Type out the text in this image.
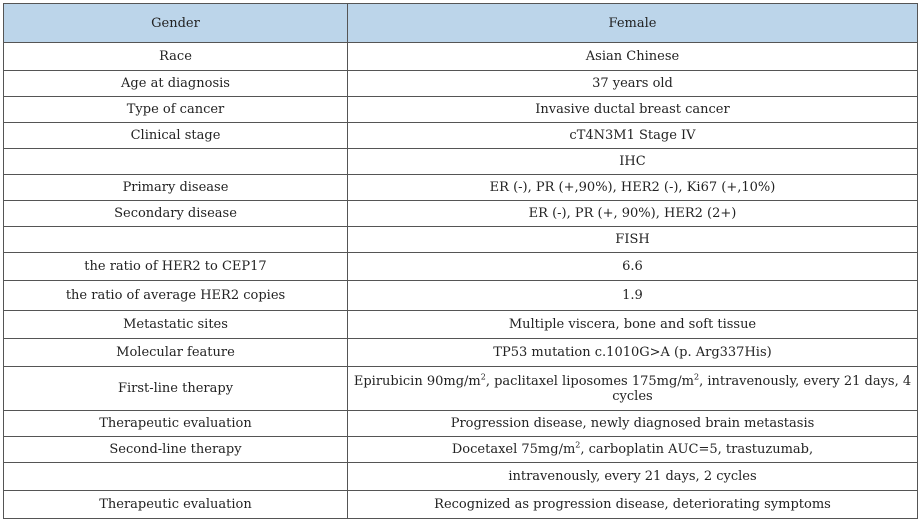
Gender	Female
Race	Asian Chinese
Age at diagnosis	37 years old
Type of cancer	Invasive ductal breast cancer
Clinical stage	cT4N3M1 Stage IV
	IHC
Primary disease	ER (-), PR (+,90%), HER2 (-), Ki67 (+,10%)
Secondary disease	ER (-), PR (+, 90%), HER2 (2+)
	FISH
the ratio of HER2 to CEP17	6.6
the ratio of average HER2 copies	1.9
Metastatic sites	Multiple viscera, bone and soft tissue
Molecular feature	TP53 mutation c.1010G>A (p. Arg337His)
First-line therapy	Epirubicin $90mg/m^2$, paclitaxel liposomes $175mg/m^2$, intravenously, every 21 days, 4 cycles
Therapeutic evaluation	Progression disease, newly diagnosed brain metastasis
Second-line therapy	Docetaxel $75mg/m^2$, carboplatin AUC=5, trastuzumab,
	intravenously, every 21 days, 2 cycles
Therapeutic evaluation	Recognized as progression disease, deteriorating symptoms
